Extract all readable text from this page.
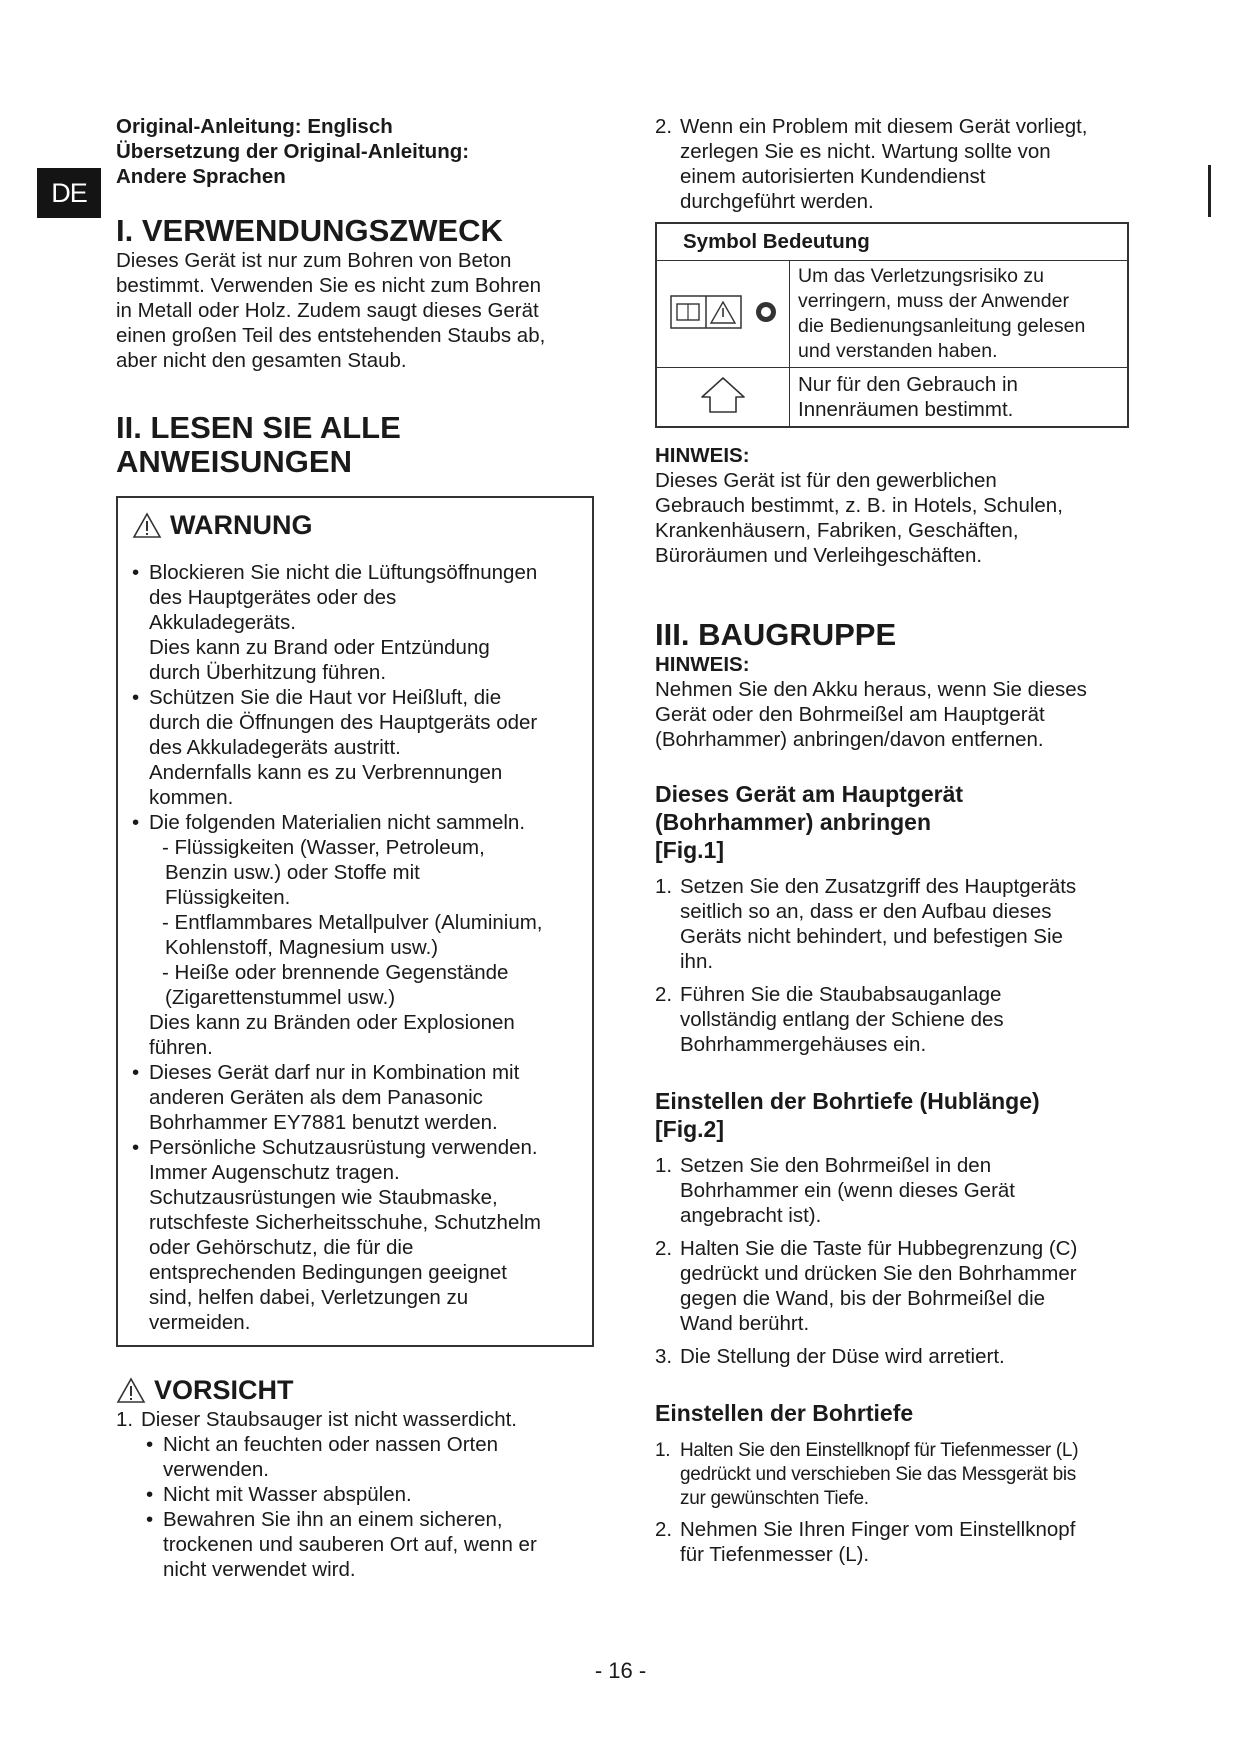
DE
Original-Anleitung: Englisch
Übersetzung der Original-Anleitung:
Andere Sprachen
I. VERWENDUNGSZWECK
Dieses Gerät ist nur zum Bohren von Beton
bestimmt. Verwenden Sie es nicht zum Bohren
in Metall oder Holz. Zudem saugt dieses Gerät
einen großen Teil des entstehenden Staubs ab,
aber nicht den gesamten Staub.
II. LESEN SIE ALLE
ANWEISUNGEN
WARNUNG
• Blockieren Sie nicht die Lüftungsöffnungen
des Hauptgerätes oder des
Akkuladegeräts.
Dies kann zu Brand oder Entzündung
durch Überhitzung führen.
• Schützen Sie die Haut vor Heißluft, die
durch die Öffnungen des Hauptgeräts oder
des Akkuladegeräts austritt.
Andernfalls kann es zu Verbrennungen
kommen.
• Die folgenden Materialien nicht sammeln.
- Flüssigkeiten (Wasser, Petroleum,
Benzin usw.) oder Stoffe mit
Flüssigkeiten.
- Entflammbares Metallpulver (Aluminium,
Kohlenstoff, Magnesium usw.)
- Heiße oder brennende Gegenstände
(Zigarettenstummel usw.)
Dies kann zu Bränden oder Explosionen
führen.
• Dieses Gerät darf nur in Kombination mit
anderen Geräten als dem Panasonic
Bohrhammer EY7881 benutzt werden.
• Persönliche Schutzausrüstung verwenden.
Immer Augenschutz tragen.
Schutzausrüstungen wie Staubmaske,
rutschfeste Sicherheitsschuhe, Schutzhelm
oder Gehörschutz, die für die
entsprechenden Bedingungen geeignet
sind, helfen dabei, Verletzungen zu
vermeiden.
VORSICHT
1. Dieser Staubsauger ist nicht wasserdicht.
• Nicht an feuchten oder nassen Orten
verwenden.
• Nicht mit Wasser abspülen.
• Bewahren Sie ihn an einem sicheren,
trockenen und sauberen Ort auf, wenn er
nicht verwendet wird.
2. Wenn ein Problem mit diesem Gerät vorliegt,
zerlegen Sie es nicht. Wartung sollte von
einem autorisierten Kundendienst
durchgeführt werden.
Symbol Bedeutung	

Um das Verletzungsrisiko zu
verringern, muss der Anwender
die Bedienungsanleitung gelesen
und verstanden haben.

Nur für den Gebrauch in
Innenräumen bestimmt.
HINWEIS:
Dieses Gerät ist für den gewerblichen
Gebrauch bestimmt, z. B. in Hotels, Schulen,
Krankenhäusern, Fabriken, Geschäften,
Büroräumen und Verleihgeschäften.
III. BAUGRUPPE
HINWEIS:
Nehmen Sie den Akku heraus, wenn Sie dieses
Gerät oder den Bohrmeißel am Hauptgerät
(Bohrhammer) anbringen/davon entfernen.
Dieses Gerät am Hauptgerät
(Bohrhammer) anbringen
[Fig.1]
1. Setzen Sie den Zusatzgriff des Hauptgeräts
seitlich so an, dass er den Aufbau dieses
Geräts nicht behindert, und befestigen Sie
ihn.
2. Führen Sie die Staubabsauganlage
vollständig entlang der Schiene des
Bohrhammergehäuses ein.
Einstellen der Bohrtiefe (Hublänge)
[Fig.2]
1. Setzen Sie den Bohrmeißel in den
Bohrhammer ein (wenn dieses Gerät
angebracht ist).
2. Halten Sie die Taste für Hubbegrenzung (C)
gedrückt und drücken Sie den Bohrhammer
gegen die Wand, bis der Bohrmeißel die
Wand berührt.
3. Die Stellung der Düse wird arretiert.
Einstellen der Bohrtiefe
1. Halten Sie den Einstellknopf für Tiefenmesser (L)
gedrückt und verschieben Sie das Messgerät bis
zur gewünschten Tiefe.
2. Nehmen Sie Ihren Finger vom Einstellknopf
für Tiefenmesser (L).
- 16 -
